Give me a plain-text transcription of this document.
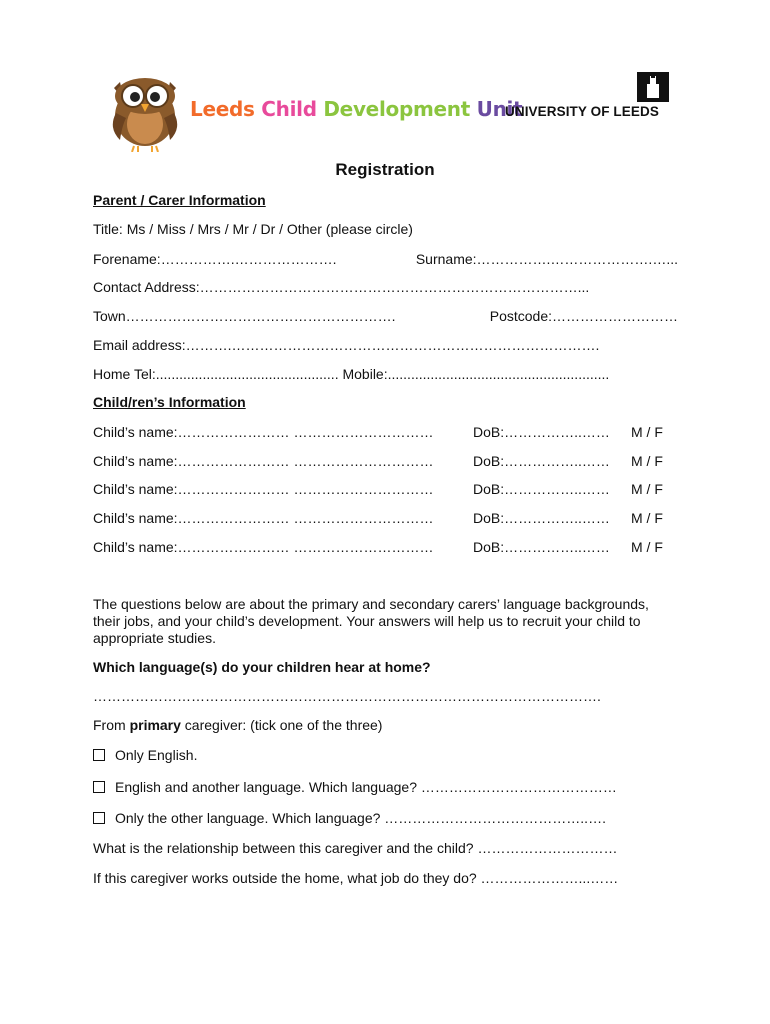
Leeds Child Development Unit
UNIVERSITY OF LEEDS
Registration
Parent / Carer Information
Title: Ms / Miss / Mrs / Mr / Dr / Other (please circle)
Forename:…………….………………….	Surname:…………….………………….…...
Contact Address:………………………………………………………………………...
Town………………………………………………….	Postcode:………………………
Email address:……….…………………………………………………………………….
Home Tel:............................................... Mobile:.........................................................
Child/ren’s Information
Child’s name:…………………… …………………………	DoB:……………..……	M / F
Child’s name:…………………… …………………………	DoB:……………..……	M / F
Child’s name:…………………… …………………………	DoB:……………..……	M / F
Child’s name:…………………… …………………………	DoB:……………..……	M / F
Child’s name:…………………… …………………………	DoB:……………..……	M / F
The questions below are about the primary and secondary carers’ language backgrounds, their jobs, and your child’s development. Your answers will help us to recruit your child to appropriate studies.
Which language(s) do your children hear at home?
……………………………………………………………………………………………….
From primary caregiver: (tick one of the three)
Only English.
English and another language. Which language? ……………………………………
Only the other language. Which language? ……………………………………..….
What is the relationship between this caregiver and the child? …………………………
If this caregiver works outside the home, what job do they do? …………………...……
